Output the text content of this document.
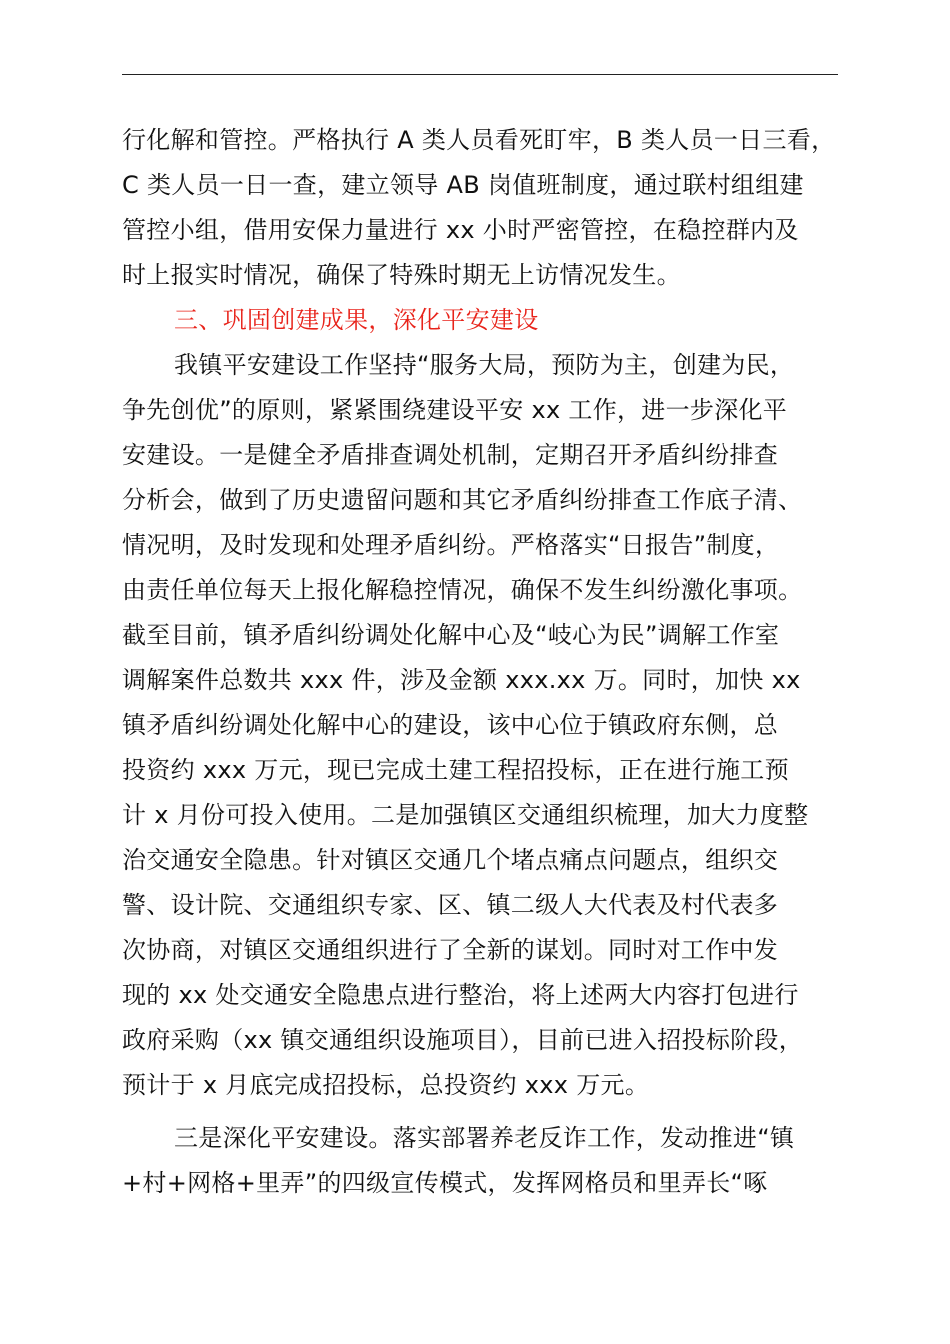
行化解和管控。严格执行 A 类人员看死盯牢，B 类人员一日三看，
C 类人员一日一查，建立领导 AB 岗值班制度，通过联村组组建
管控小组，借用安保力量进行 xx 小时严密管控，在稳控群内及
时上报实时情况，确保了特殊时期无上访情况发生。
三、巩固创建成果，深化平安建设
我镇平安建设工作坚持“服务大局，预防为主，创建为民，
争先创优”的原则，紧紧围绕建设平安 xx 工作，进一步深化平
安建设。一是健全矛盾排查调处机制，定期召开矛盾纠纷排查
分析会，做到了历史遗留问题和其它矛盾纠纷排查工作底子清、
情况明，及时发现和处理矛盾纠纷。严格落实“日报告”制度，
由责任单位每天上报化解稳控情况，确保不发生纠纷激化事项。
截至目前，镇矛盾纠纷调处化解中心及“岐心为民”调解工作室
调解案件总数共 xxx 件，涉及金额 xxx.xx 万。同时，加快 xx
镇矛盾纠纷调处化解中心的建设，该中心位于镇政府东侧，总
投资约 xxx 万元，现已完成土建工程招投标，正在进行施工预
计 x 月份可投入使用。二是加强镇区交通组织梳理，加大力度整
治交通安全隐患。针对镇区交通几个堵点痛点问题点，组织交
警、设计院、交通组织专家、区、镇二级人大代表及村代表多
次协商，对镇区交通组织进行了全新的谋划。同时对工作中发
现的 xx 处交通安全隐患点进行整治，将上述两大内容打包进行
政府采购（xx 镇交通组织设施项目），目前已进入招投标阶段，
预计于 x 月底完成招投标，总投资约 xxx 万元。
三是深化平安建设。落实部署养老反诈工作，发动推进“镇
+村+网格+里弄”的四级宣传模式，发挥网格员和里弄长“啄
